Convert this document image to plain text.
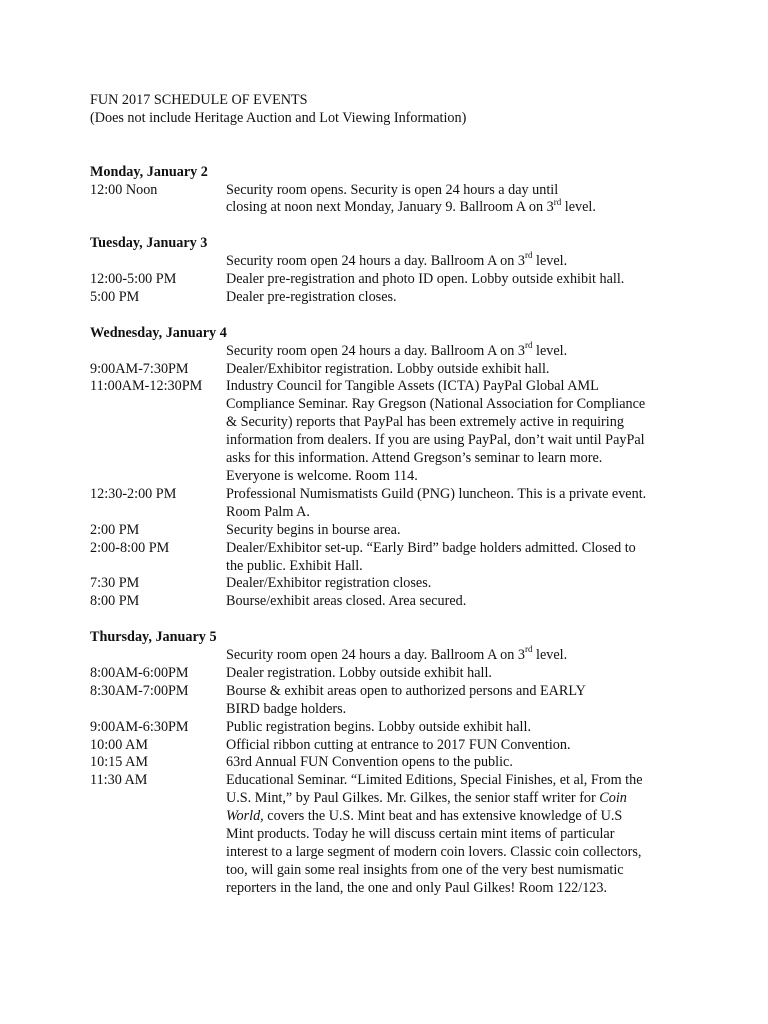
FUN 2017 SCHEDULE OF EVENTS
(Does not include Heritage Auction and Lot Viewing Information)
Monday, January 2
12:00 Noon	Security room opens. Security is open 24 hours a day until
closing at noon next Monday, January 9. Ballroom A on 3rd level.
Tuesday, January 3
Security room open 24 hours a day. Ballroom A on 3rd level.
12:00-5:00 PM	Dealer pre-registration and photo ID open. Lobby outside exhibit hall.
5:00 PM	Dealer pre-registration closes.
Wednesday, January 4
Security room open 24 hours a day. Ballroom A on 3rd level.
9:00AM-7:30PM	Dealer/Exhibitor registration. Lobby outside exhibit hall.
11:00AM-12:30PM	Industry Council for Tangible Assets (ICTA) PayPal Global AML
Compliance Seminar. Ray Gregson (National Association for Compliance
& Security) reports that PayPal has been extremely active in requiring
information from dealers. If you are using PayPal, don’t wait until PayPal
asks for this information. Attend Gregson’s seminar to learn more.
Everyone is welcome. Room 114.
12:30-2:00 PM	Professional Numismatists Guild (PNG) luncheon. This is a private event.
Room Palm A.
2:00 PM	Security begins in bourse area.
2:00-8:00 PM	Dealer/Exhibitor set-up. “Early Bird” badge holders admitted. Closed to
the public. Exhibit Hall.
7:30 PM	Dealer/Exhibitor registration closes.
8:00 PM	Bourse/exhibit areas closed. Area secured.
Thursday, January 5
Security room open 24 hours a day. Ballroom A on 3rd level.
8:00AM-6:00PM	Dealer registration. Lobby outside exhibit hall.
8:30AM-7:00PM	Bourse & exhibit areas open to authorized persons and EARLY
BIRD badge holders.
9:00AM-6:30PM	Public registration begins. Lobby outside exhibit hall.
10:00 AM	Official ribbon cutting at entrance to 2017 FUN Convention.
10:15 AM	63rd Annual FUN Convention opens to the public.
11:30 AM	Educational Seminar. “Limited Editions, Special Finishes, et al, From the
U.S. Mint,” by Paul Gilkes. Mr. Gilkes, the senior staff writer for Coin
World, covers the U.S. Mint beat and has extensive knowledge of U.S
Mint products. Today he will discuss certain mint items of particular
interest to a large segment of modern coin lovers. Classic coin collectors,
too, will gain some real insights from one of the very best numismatic
reporters in the land, the one and only Paul Gilkes! Room 122/123.
